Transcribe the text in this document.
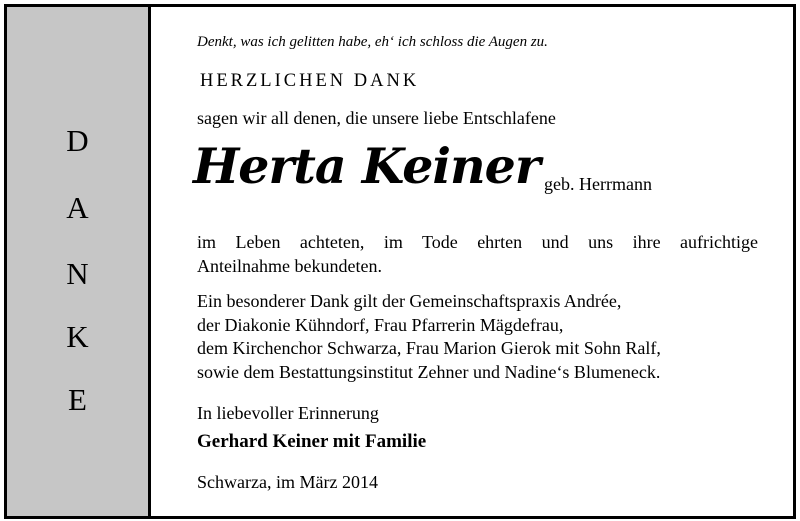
D
A
N
K
E
Denkt, was ich gelitten habe, eh‘ ich schloss die Augen zu.
HERZLICHEN DANK
sagen wir all denen, die unsere liebe Entschlafene
Herta Keiner geb. Herrmann
im Leben achteten, im Tode ehrten und uns ihre aufrichtige
Anteilnahme bekundeten.
Ein besonderer Dank gilt der Gemeinschaftspraxis Andrée,
der Diakonie Kühndorf, Frau Pfarrerin Mägdefrau,
dem Kirchenchor Schwarza, Frau Marion Gierok mit Sohn Ralf,
sowie dem Bestattungsinstitut Zehner und Nadine‘s Blumeneck.
In liebevoller Erinnerung
Gerhard Keiner mit Familie
Schwarza, im März 2014
